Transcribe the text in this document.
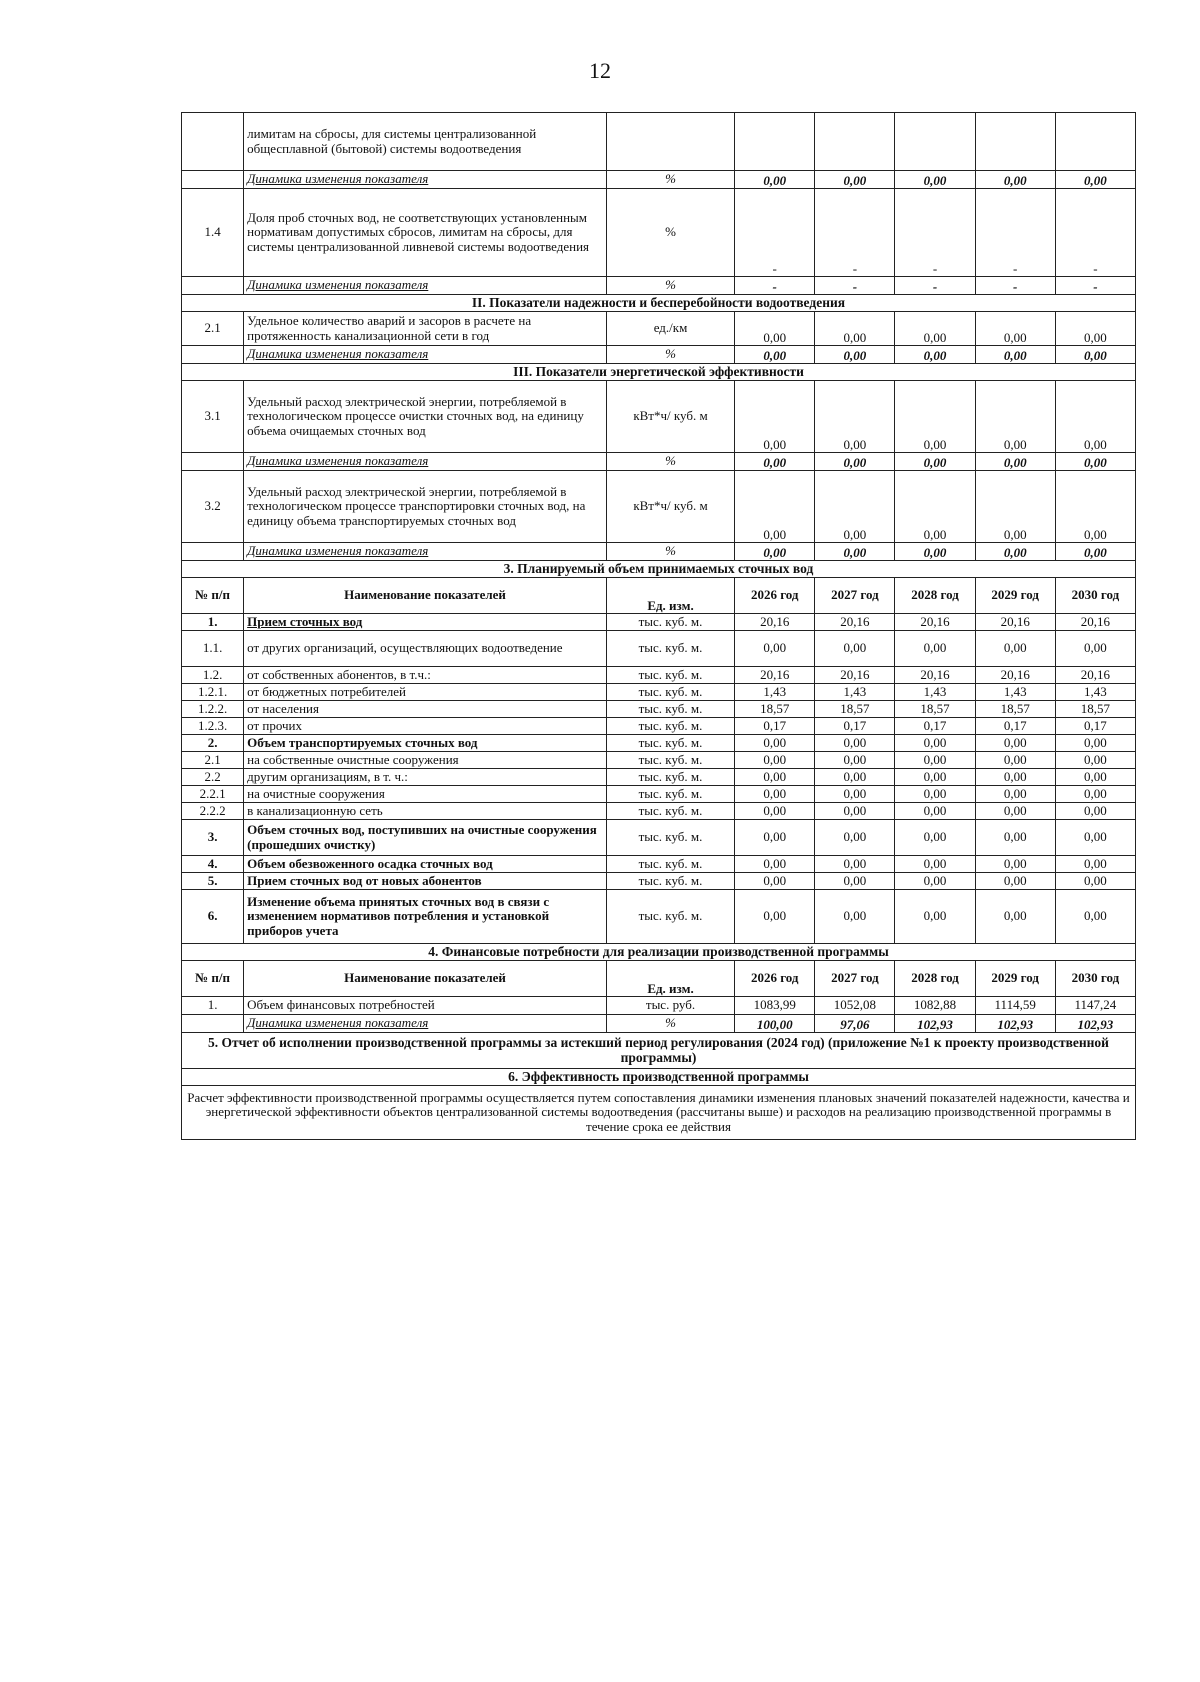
12
	лимитам на сбросы, для системы централизованной общесплавной (бытовой) системы водоотведения						
	Динамика изменения показателя	%	0,00	0,00	0,00	0,00	0,00
1.4	Доля проб сточных вод, не соответствующих установленным нормативам допустимых сбросов, лимитам на сбросы, для системы централизованной ливневой системы водоотведения	%	-	-	-	-	-
	Динамика изменения показателя	%	-	-	-	-	-
II. Показатели надежности и бесперебойности водоотведения							
2.1	Удельное количество аварий и засоров в расчете на протяженность канализационной сети в год	ед./км	0,00	0,00	0,00	0,00	0,00
	Динамика изменения показателя	%	0,00	0,00	0,00	0,00	0,00
III. Показатели энергетической эффективности							
3.1	Удельный расход электрической энергии, потребляемой в технологическом процессе очистки сточных вод, на единицу объема очищаемых сточных вод	кВт*ч/ куб. м	0,00	0,00	0,00	0,00	0,00
	Динамика изменения показателя	%	0,00	0,00	0,00	0,00	0,00
3.2	Удельный расход электрической энергии, потребляемой в технологическом процессе транспортировки сточных вод, на единицу объема транспортируемых сточных вод	кВт*ч/ куб. м	0,00	0,00	0,00	0,00	0,00
	Динамика изменения показателя	%	0,00	0,00	0,00	0,00	0,00
3. Планируемый объем принимаемых сточных вод							
№ п/п	Наименование показателей	Ед. изм.	2026 год	2027 год	2028 год	2029 год	2030 год
1.	Прием сточных вод	тыс. куб. м.	20,16	20,16	20,16	20,16	20,16
1.1.	от других организаций, осуществляющих водоотведение	тыс. куб. м.	0,00	0,00	0,00	0,00	0,00
1.2.	от собственных абонентов, в т.ч.:	тыс. куб. м.	20,16	20,16	20,16	20,16	20,16
1.2.1.	от бюджетных потребителей	тыс. куб. м.	1,43	1,43	1,43	1,43	1,43
1.2.2.	от населения	тыс. куб. м.	18,57	18,57	18,57	18,57	18,57
1.2.3.	от прочих	тыс. куб. м.	0,17	0,17	0,17	0,17	0,17
2.	Объем транспортируемых сточных вод	тыс. куб. м.	0,00	0,00	0,00	0,00	0,00
2.1	на собственные очистные сооружения	тыс. куб. м.	0,00	0,00	0,00	0,00	0,00
2.2	другим организациям, в т. ч.:	тыс. куб. м.	0,00	0,00	0,00	0,00	0,00
2.2.1	на очистные сооружения	тыс. куб. м.	0,00	0,00	0,00	0,00	0,00
2.2.2	в канализационную сеть	тыс. куб. м.	0,00	0,00	0,00	0,00	0,00
3.	Объем сточных вод, поступивших на очистные сооружения (прошедших очистку)	тыс. куб. м.	0,00	0,00	0,00	0,00	0,00
4.	Объем обезвоженного осадка сточных вод	тыс. куб. м.	0,00	0,00	0,00	0,00	0,00
5.	Прием сточных вод от новых абонентов	тыс. куб. м.	0,00	0,00	0,00	0,00	0,00
6.	Изменение объема принятых сточных вод в связи с изменением нормативов потребления и установкой приборов учета	тыс. куб. м.	0,00	0,00	0,00	0,00	0,00
4. Финансовые потребности для реализации производственной программы							
№ п/п	Наименование показателей	Ед. изм.	2026 год	2027 год	2028 год	2029 год	2030 год
1.	Объем финансовых потребностей	тыс. руб.	1083,99	1052,08	1082,88	1114,59	1147,24
	Динамика изменения показателя	%	100,00	97,06	102,93	102,93	102,93
5. Отчет об исполнении производственной программы за истекший период регулирования (2024 год) (приложение №1 к проекту производственной программы)							
6. Эффективность производственной программы							
Расчет эффективности производственной программы осуществляется путем сопоставления динамики изменения плановых значений показателей надежности, качества и энергетической эффективности объектов централизованной системы водоотведения (рассчитаны выше) и расходов на реализацию производственной программы в течение срока ее действия							
